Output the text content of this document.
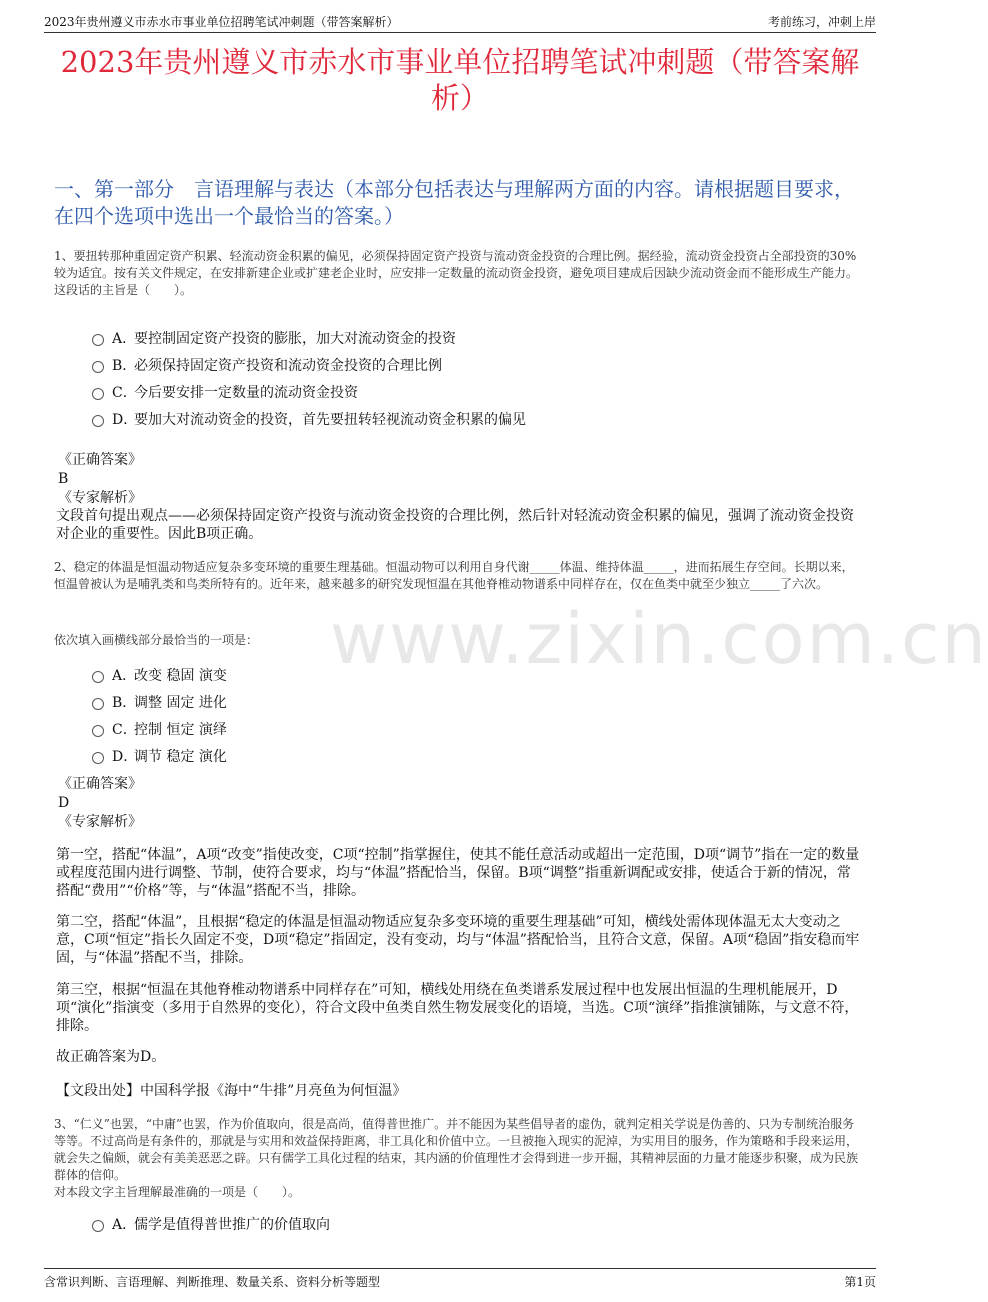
2023年贵州遵义市赤水市事业单位招聘笔试冲刺题（带答案解析）	考前练习，冲刺上岸
2023年贵州遵义市赤水市事业单位招聘笔试冲刺题（带答案解析）
一、第一部分　言语理解与表达（本部分包括表达与理解两方面的内容。请根据题目要求，在四个选项中选出一个最恰当的答案。）
www.zixin.com.cn

1、要扭转那种重固定资产积累、轻流动资金积累的偏见，必须保持固定资产投资与流动资金投资的合理比例。据经验，流动资金投资占全部投资的30%较为适宜。按有关文件规定，在安排新建企业或扩建老企业时，应安排一定数量的流动资金投资，避免项目建成后因缺少流动资金而不能形成生产能力。

这段话的主旨是（　　）。

A．要控制固定资产投资的膨胀，加大对流动资金的投资
B．必须保持固定资产投资和流动资金投资的合理比例
C．今后要安排一定数量的流动资金投资
D．要加大对流动资金的投资，首先要扭转轻视流动资金积累的偏见
《正确答案》
B
《专家解析》

文段首句提出观点——必须保持固定资产投资与流动资金投资的合理比例，然后针对轻流动资金积累的偏见，强调了流动资金投资对企业的重要性。因此B项正确。

2、稳定的体温是恒温动物适应复杂多变环境的重要生理基础。恒温动物可以利用自身代谢_____体温、维持体温_____，进而拓展生存空间。长期以来，恒温曾被认为是哺乳类和鸟类所特有的。近年来，越来越多的研究发现恒温在其他脊椎动物谱系中同样存在，仅在鱼类中就至少独立_____了六次。

依次填入画横线部分最恰当的一项是：

A．改变 稳固 演变
B．调整 固定 进化
C．控制 恒定 演绎
D．调节 稳定 演化
《正确答案》
D
《专家解析》

第一空，搭配“体温”，A项“改变”指使改变，C项“控制”指掌握住，使其不能任意活动或超出一定范围，D项“调节”指在一定的数量或程度范围内进行调整、节制，使符合要求，均与“体温”搭配恰当，保留。B项“调整”指重新调配或安排，使适合于新的情况，常搭配“费用”“价格”等，与“体温”搭配不当，排除。

第二空，搭配“体温”，且根据“稳定的体温是恒温动物适应复杂多变环境的重要生理基础”可知，横线处需体现体温无太大变动之意，C项“恒定”指长久固定不变，D项“稳定”指固定，没有变动，均与“体温”搭配恰当，且符合文意，保留。A项“稳固”指安稳而牢固，与“体温”搭配不当，排除。

第三空，根据“恒温在其他脊椎动物谱系中同样存在”可知，横线处用绕在鱼类谱系发展过程中也发展出恒温的生理机能展开，D项“演化”指演变（多用于自然界的变化），符合文段中鱼类自然生物发展变化的语境，当选。C项“演绎”指推演铺陈，与文意不符，排除。

故正确答案为D。

【文段出处】中国科学报《海中“牛排”月亮鱼为何恒温》

3、“仁义”也罢，“中庸”也罢，作为价值取向，很是高尚，值得普世推广。并不能因为某些倡导者的虚伪，就判定相关学说是伪善的、只为专制统治服务等等。不过高尚是有条件的，那就是与实用和效益保持距离，非工具化和价值中立。一旦被拖入现实的泥淖，为实用目的服务，作为策略和手段来运用，就会失之偏颇，就会有美美恶恶之辟。只有儒学工具化过程的结束，其内涵的价值理性才会得到进一步开掘，其精神层面的力量才能逐步积聚，成为民族群体的信仰。

对本段文字主旨理解最准确的一项是（　　）。

A．儒学是值得普世推广的价值取向
含常识判断、言语理解、判断推理、数量关系、资料分析等题型	第1页
